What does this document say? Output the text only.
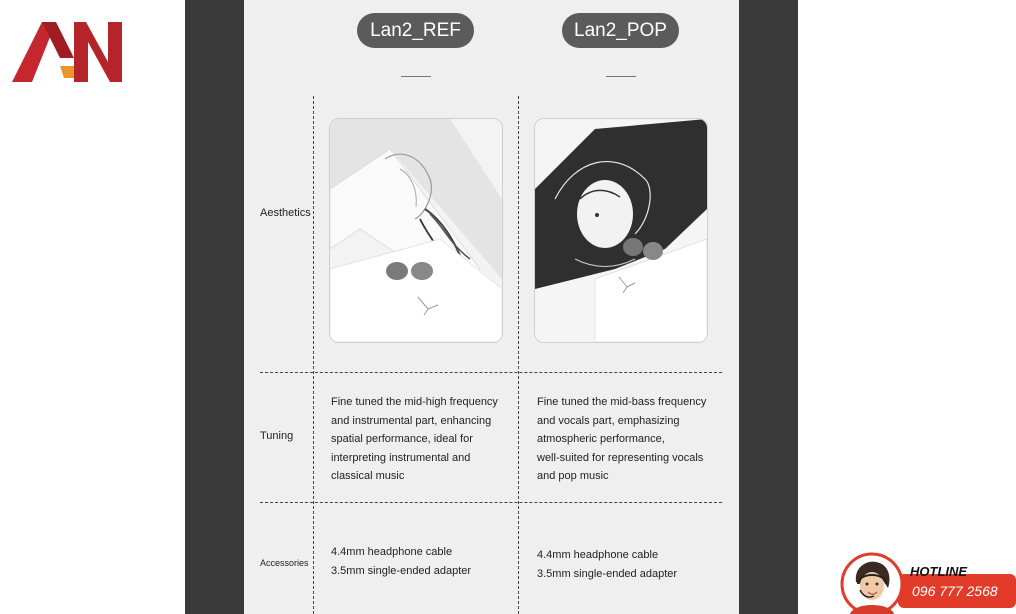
Lan2_REF	Lan2_POP
Aesthetics
Tuning
Accessories
Fine tuned the mid-high frequency
and instrumental part, enhancing
spatial performance, ideal for
interpreting instrumental and
classical music
Fine tuned the mid-bass frequency
and vocals part, emphasizing
atmospheric performance,
well-suited for representing vocals
and pop music
4.4mm headphone cable
3.5mm single-ended adapter
4.4mm headphone cable
3.5mm single-ended adapter	HOTLINE
096 777 2568
